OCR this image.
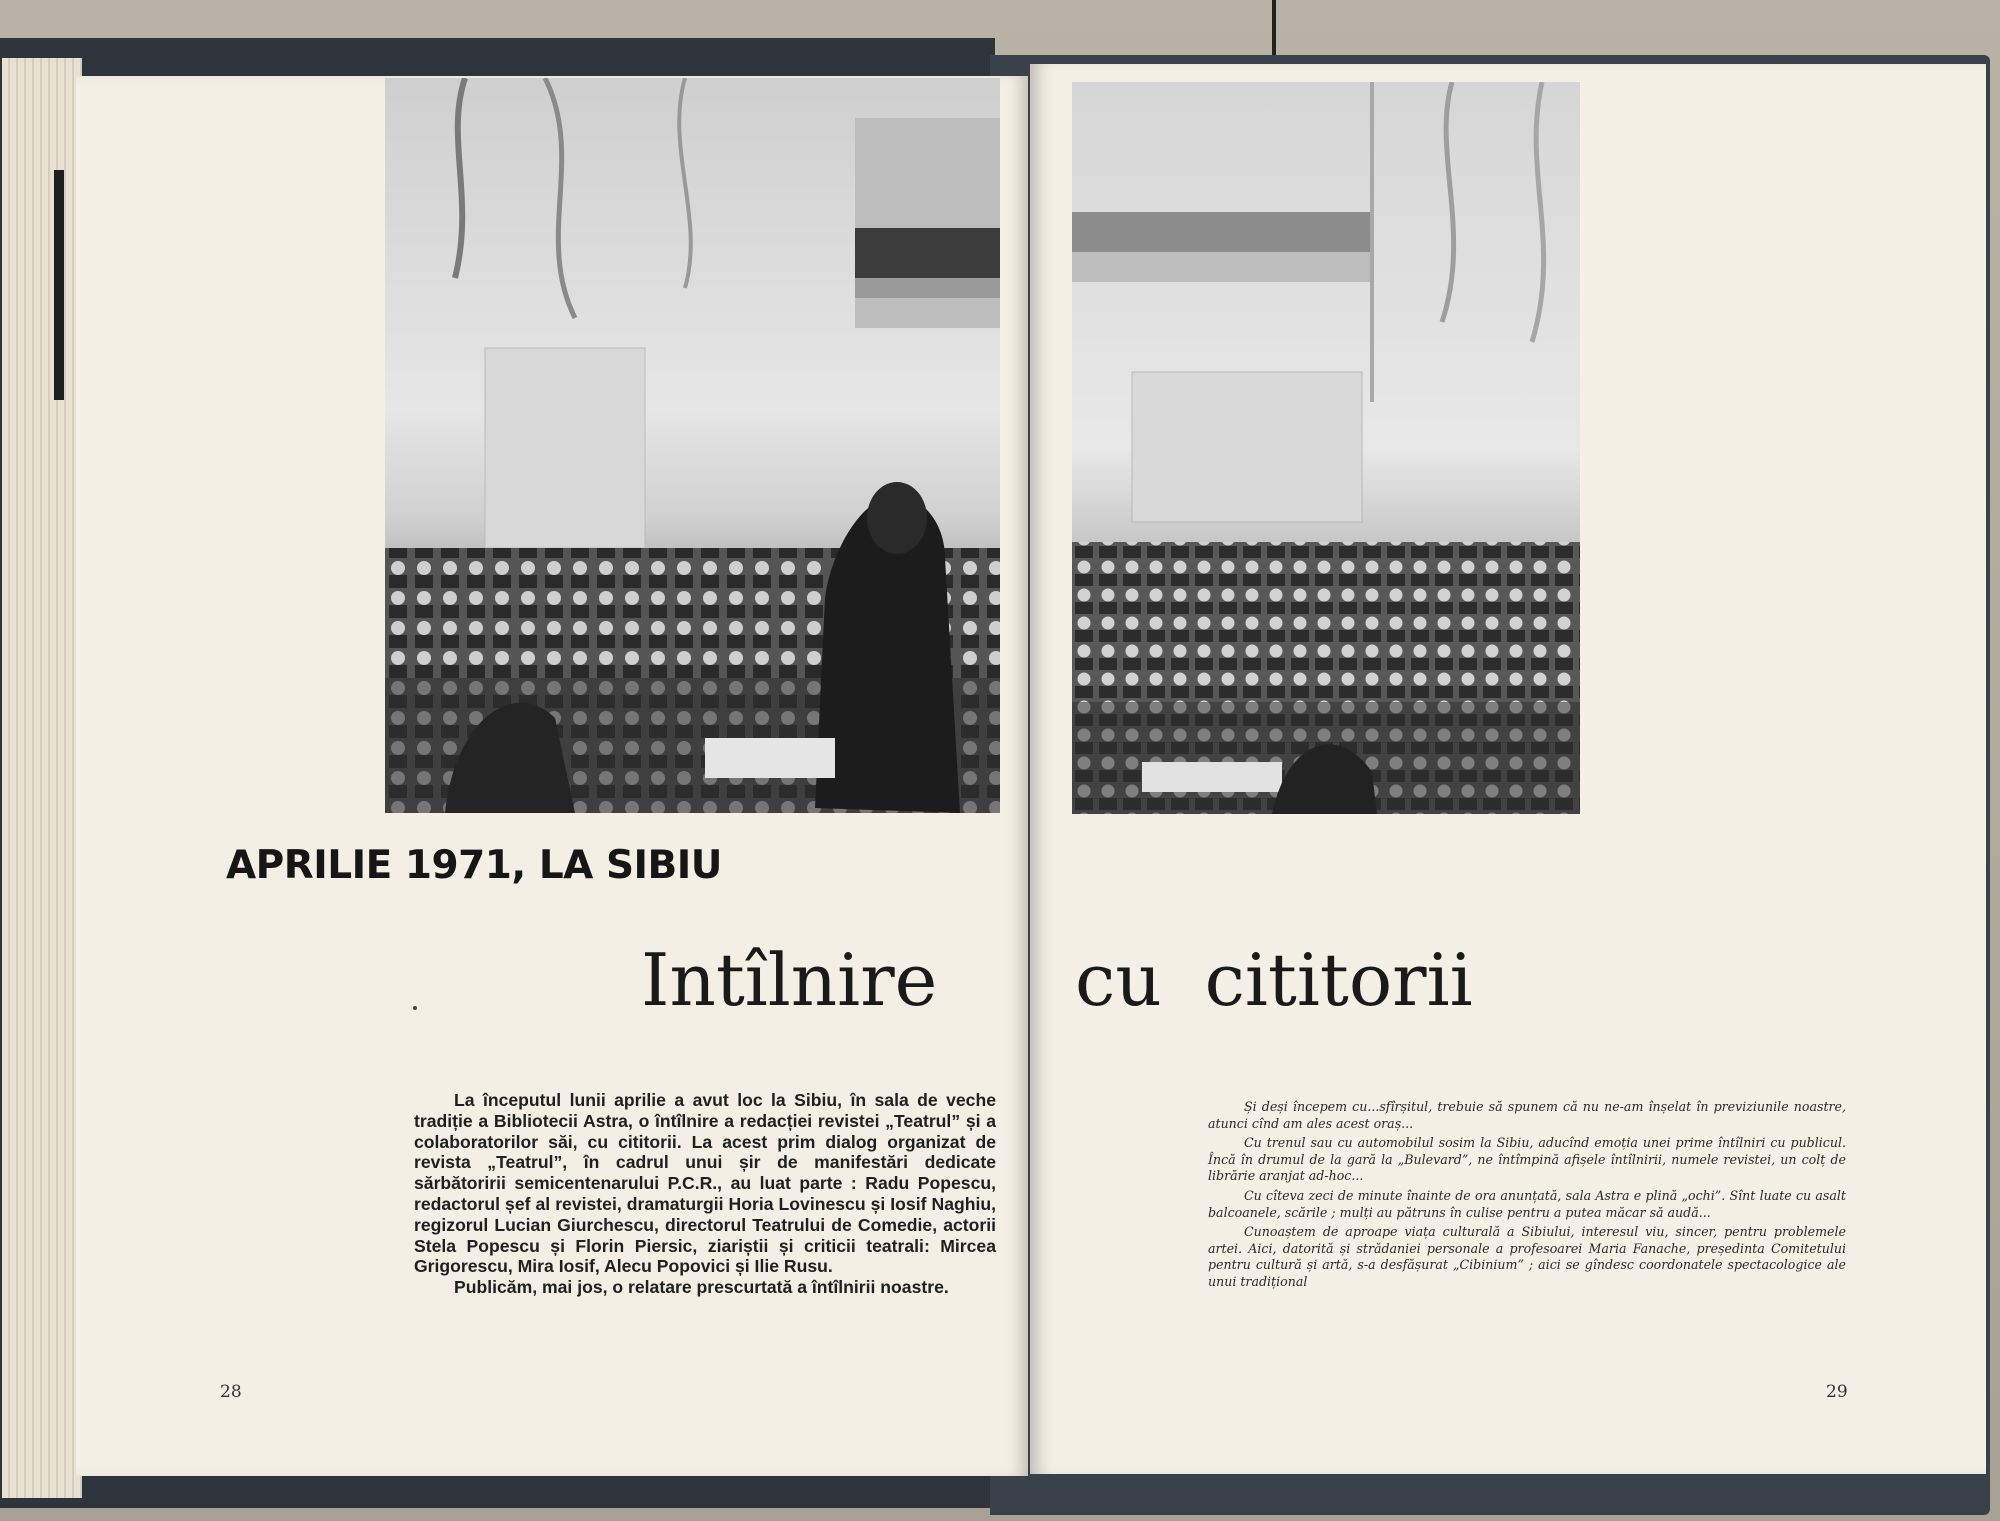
APRILIE 1971, LA SIBIU
Intîlnire cu cititorii

La începutul lunii aprilie a avut loc la Sibiu, în sala de veche tradiție a Bibliotecii Astra, o întîlnire a redacției revistei „Teatrul” și a colaboratorilor săi, cu cititorii. La acest prim dialog organizat de revista „Teatrul”, în cadrul unui șir de manifestări dedicate sărbătoririi semicentenarului P.C.R., au luat parte : Radu Popescu, redactorul șef al revistei, dramaturgii Horia Lovinescu și Iosif Naghiu, regizorul Lucian Giurchescu, directorul Teatrului de Comedie, actorii Stela Popescu și Florin Piersic, ziariștii și criticii teatrali: Mircea Grigorescu, Mira Iosif, Alecu Popovici și Ilie Rusu.

Publicăm, mai jos, o relatare prescurtată a întîlnirii noastre.

Și deși începem cu...sfîrșitul, trebuie să spunem că nu ne-am înșelat în previziunile noastre, atunci cînd am ales acest oraș...

Cu trenul sau cu automobilul sosim la Sibiu, aducînd emoția unei prime întîlniri cu publicul. Încă în drumul de la gară la „Bulevard”, ne întîmpină afișele întîlnirii, numele revistei, un colț de librărie aranjat ad-hoc...

Cu cîteva zeci de minute înainte de ora anunțată, sala Astra e plină „ochi”. Sînt luate cu asalt balcoanele, scările ; mulți au pătruns în culise pentru a putea măcar să audă...

Cunoaștem de aproape viața culturală a Sibiului, interesul viu, sincer, pentru problemele artei. Aici, datorită și strădaniei personale a profesoarei Maria Fanache, președinta Comitetului pentru cultură și artă, s-a desfășurat „Cibinium” ; aici se gîndesc coordonatele spectacologice ale unui tradițional

28	29
